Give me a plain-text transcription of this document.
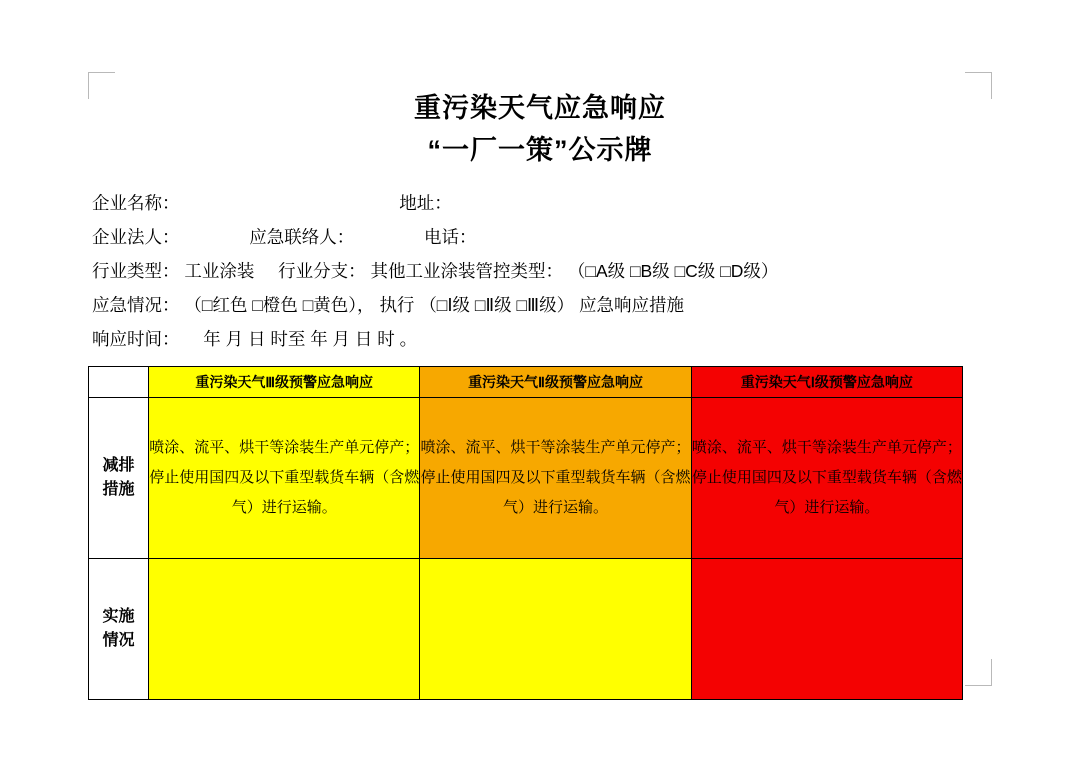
重污染天气应急响应
“一厂一策”公示牌
企业名称：	地址：
企业法人：	应急联络人：	电话：
行业类型： 工业涂装 行业分支： 其他工业涂装管控类型： （□A级 □B级 □C级 □D级）
应急情况： （□红色 □橙色 □黄色）， 执行 （□Ⅰ级 □Ⅱ级 □Ⅲ级） 应急响应措施
响应时间： 年 月 日 时至 年 月 日 时 。
	重污染天气Ⅲ级预警应急响应	重污染天气Ⅱ级预警应急响应	重污染天气Ⅰ级预警应急响应

减排
措施	喷涂、流平、烘干等涂装生产单元停产；停止使用国四及以下重型载货车辆（含燃气）进行运输。	喷涂、流平、烘干等涂装生产单元停产；停止使用国四及以下重型载货车辆（含燃气）进行运输。	喷涂、流平、烘干等涂装生产单元停产；停止使用国四及以下重型载货车辆（含燃气）进行运输。

实施
情况			
